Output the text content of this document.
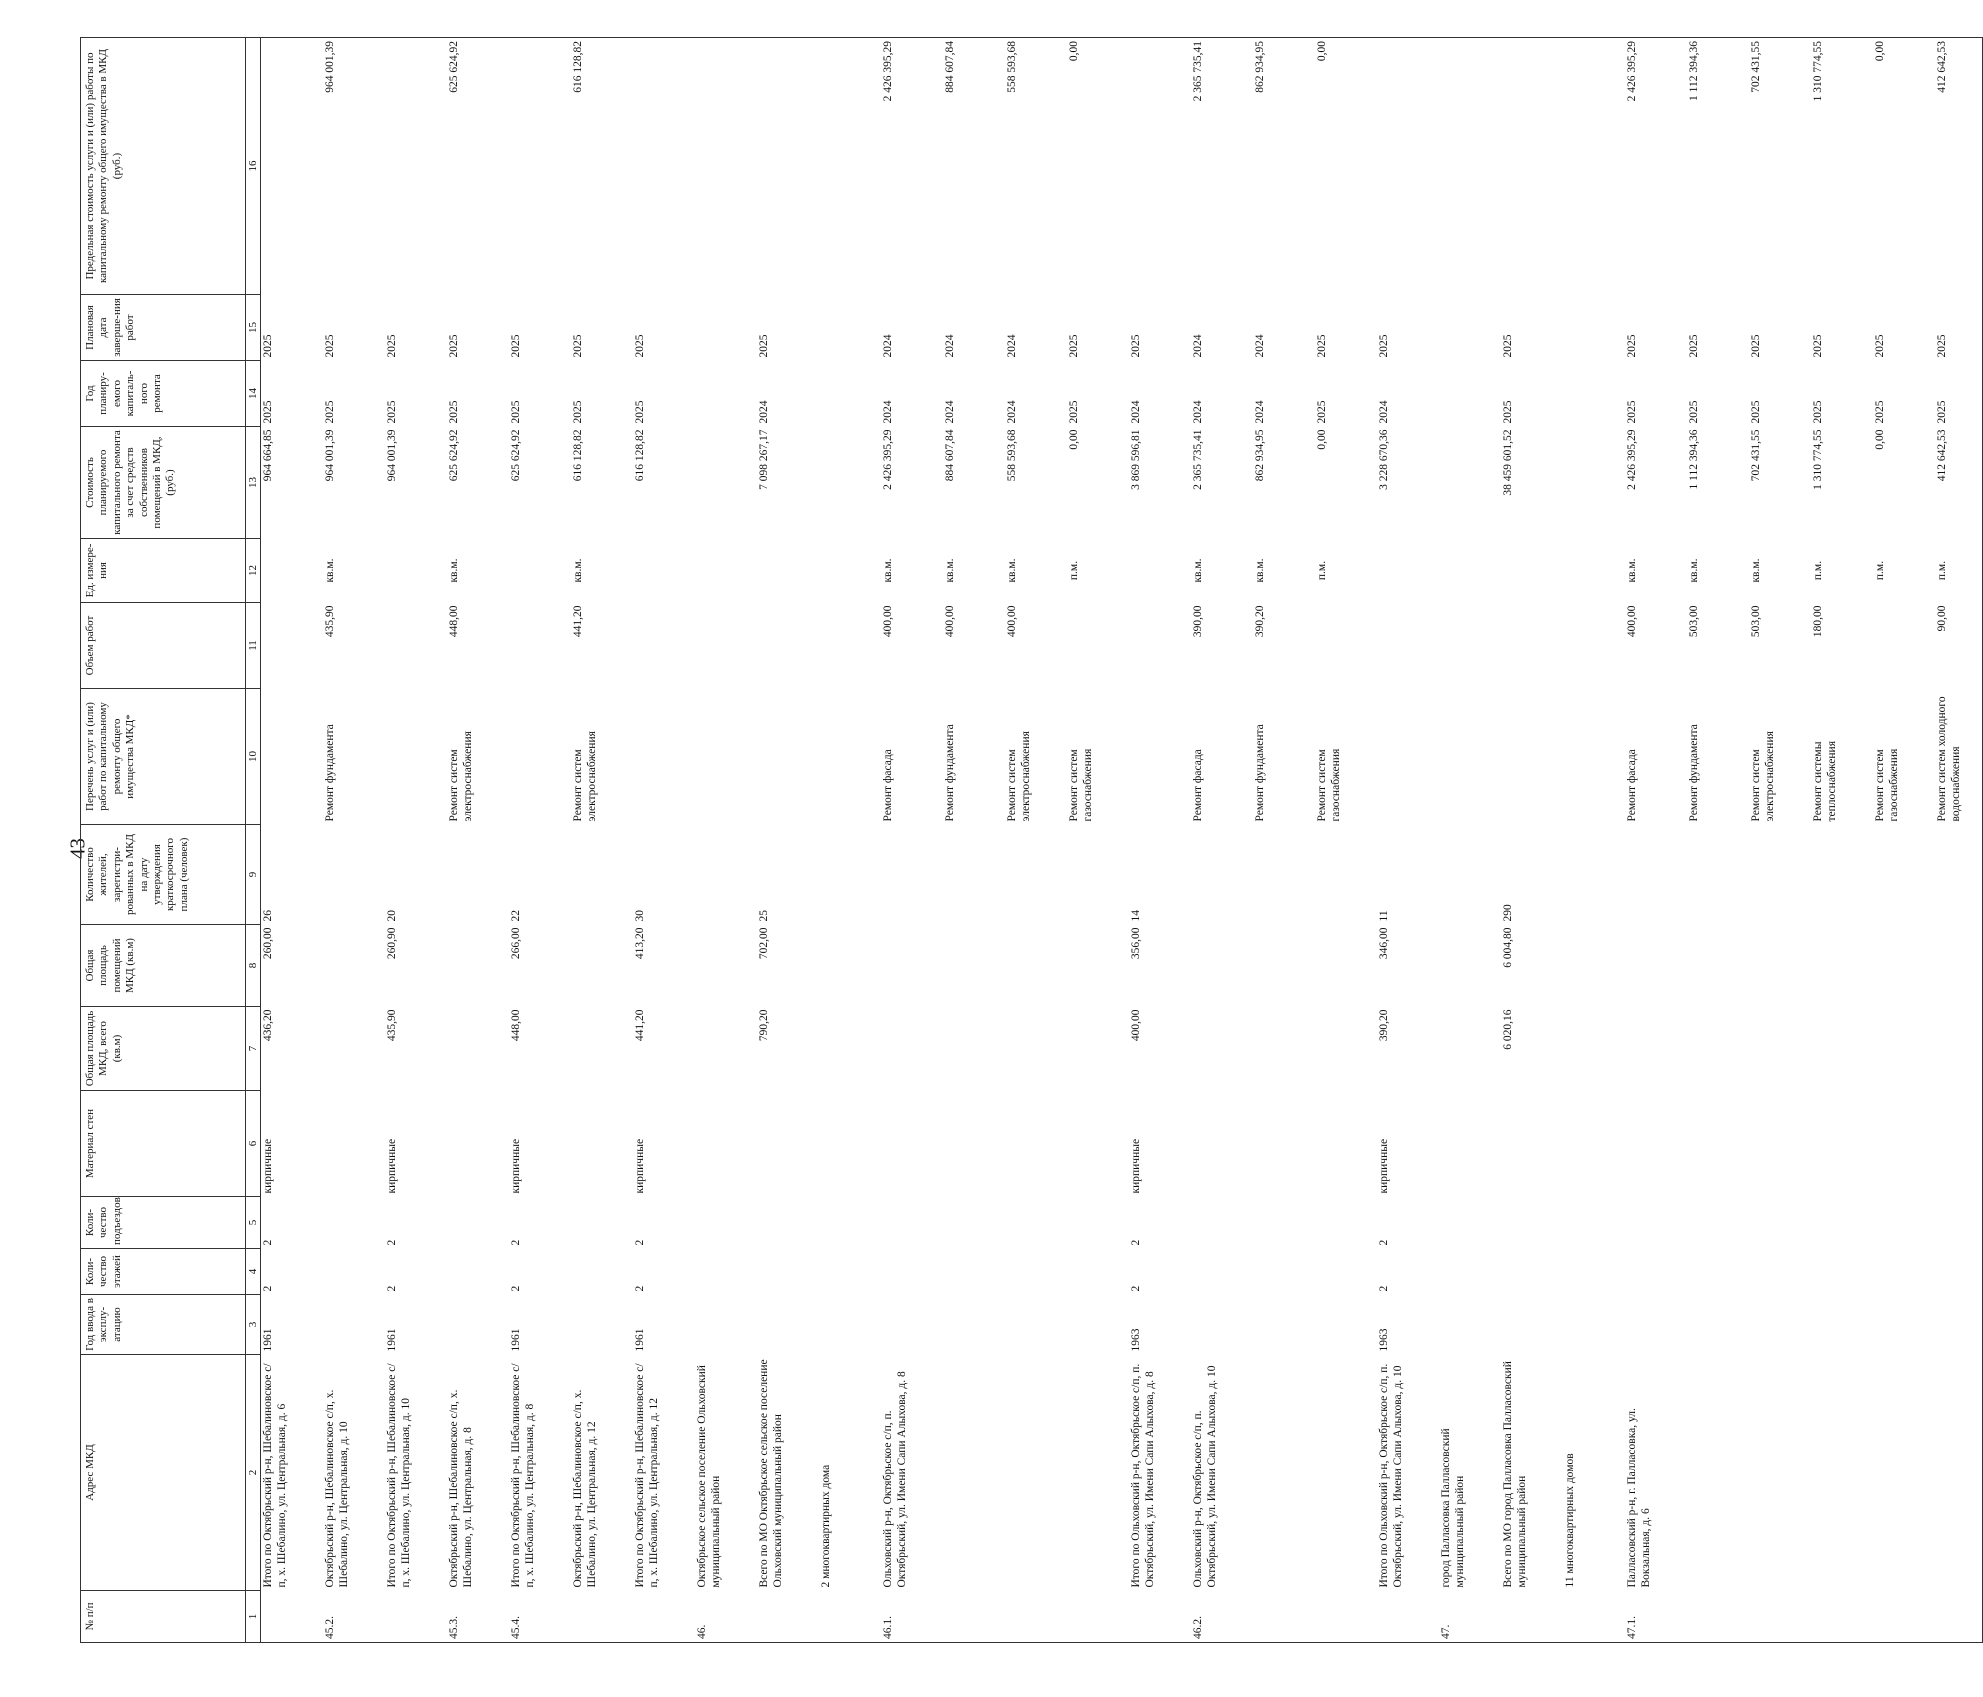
43
№ п/п	Адрес МКД	Год ввода в эксплу-атацию	Коли-чество этажей	Коли-чество подъездов	Материал стен	Общая площадь МКД, всего (кв.м)	Общая площадь помещений МКД (кв.м)	Количество жителей, зарегистри-рованных в МКД на дату утверждения краткосрочного плана (человек)	Перечень услуг и (или) работ по капитальному ремонту общего имущества МКД*	Объем работ	Ед. измере-ния	Стоимость планируемого капитального ремонта за счет средств собственников помещений в МКД, (руб.)	Год планиру-емого капиталь-ного ремонта	Плановая дата заверше-ния работ	Предельная стоимость услуги и (или) работы по капитальному ремонту общего имущества в МКД (руб.)
1	2	3	4	5	6	7	8	9	10	11	12	13	14	15	16
	Итого по Октябрьский р-н, Шебалиновское с/п, х. Шебалино, ул. Центральная, д. 6	1961	2	2	кирпичные	436,20	260,00	26				964 664,85	2025	2025	
45.2.	Октябрьский р-н, Шебалиновское с/п, х. Шебалино, ул. Центральная, д. 10								Ремонт фундамента	435,90	кв.м.	964 001,39	2025	2025	964 001,39
	Итого по Октябрьский р-н, Шебалиновское с/п, х. Шебалино, ул. Центральная, д. 10	1961	2	2	кирпичные	435,90	260,90	20				964 001,39	2025	2025	
45.3.	Октябрьский р-н, Шебалиновское с/п, х. Шебалино, ул. Центральная, д. 8								Ремонт систем электроснабжения	448,00	кв.м.	625 624,92	2025	2025	625 624,92
45.4.	Итого по Октябрьский р-н, Шебалиновское с/п, х. Шебалино, ул. Центральная, д. 8	1961	2	2	кирпичные	448,00	266,00	22				625 624,92	2025	2025	
	Октябрьский р-н, Шебалиновское с/п, х. Шебалино, ул. Центральная, д. 12								Ремонт систем электроснабжения	441,20	кв.м.	616 128,82	2025	2025	616 128,82
	Итого по Октябрьский р-н, Шебалиновское с/п, х. Шебалино, ул. Центральная, д. 12	1961	2	2	кирпичные	441,20	413,20	30				616 128,82	2025	2025	
46.	Октябрьское сельское поселение Ольховский муниципальный район														
	Всего по МО Октябрьское сельское поселение Ольховский муниципальный район					790,20	702,00	25				7 098 267,17	2024	2025	
	2 многоквартирных дома														
46.1.	Ольховский р-н, Октябрьское с/п, п. Октябрьский, ул. Имени Сапи Алыхова, д. 8								Ремонт фасада	400,00	кв.м.	2 426 395,29	2024	2024	2 426 395,29
									Ремонт фундамента	400,00	кв.м.	884 607,84	2024	2024	884 607,84
									Ремонт систем электроснабжения	400,00	кв.м.	558 593,68	2024	2024	558 593,68
									Ремонт систем газоснабжения		п.м.	0,00	2025	2025	0,00
	Итого по Ольховский р-н, Октябрьское с/п, п. Октябрьский, ул. Имени Сапи Алыхова, д. 8	1963	2	2	кирпичные	400,00	356,00	14				3 869 596,81	2024	2025	
46.2.	Ольховский р-н, Октябрьское с/п, п. Октябрьский, ул. Имени Сапи Алыхова, д. 10								Ремонт фасада	390,00	кв.м.	2 365 735,41	2024	2024	2 365 735,41
									Ремонт фундамента	390,20	кв.м.	862 934,95	2024	2024	862 934,95
									Ремонт систем газоснабжения		п.м.	0,00	2025	2025	0,00
	Итого по Ольховский р-н, Октябрьское с/п, п. Октябрьский, ул. Имени Сапи Алыхова, д. 10	1963	2	2	кирпичные	390,20	346,00	11				3 228 670,36	2024	2025	
47.	город Палласовка Палласовский муниципальный район														
	Всего по МО город Палласовка Палласовский муниципальный район					6 020,16	6 004,80	290				38 459 601,52	2025	2025	
	11 многоквартирных домов														
47.1.	Палласовский р-н, г. Палласовка, ул. Вокзальная, д. 6								Ремонт фасада	400,00	кв.м.	2 426 395,29	2025	2025	2 426 395,29
									Ремонт фундамента	503,00	кв.м.	1 112 394,36	2025	2025	1 112 394,36
									Ремонт систем электроснабжения	503,00	кв.м.	702 431,55	2025	2025	702 431,55
									Ремонт системы теплоснабжения	180,00	п.м.	1 310 774,55	2025	2025	1 310 774,55
									Ремонт систем газоснабжения		п.м.	0,00	2025	2025	0,00
									Ремонт систем холодного водоснабжения	90,00	п.м.	412 642,53	2025	2025	412 642,53
